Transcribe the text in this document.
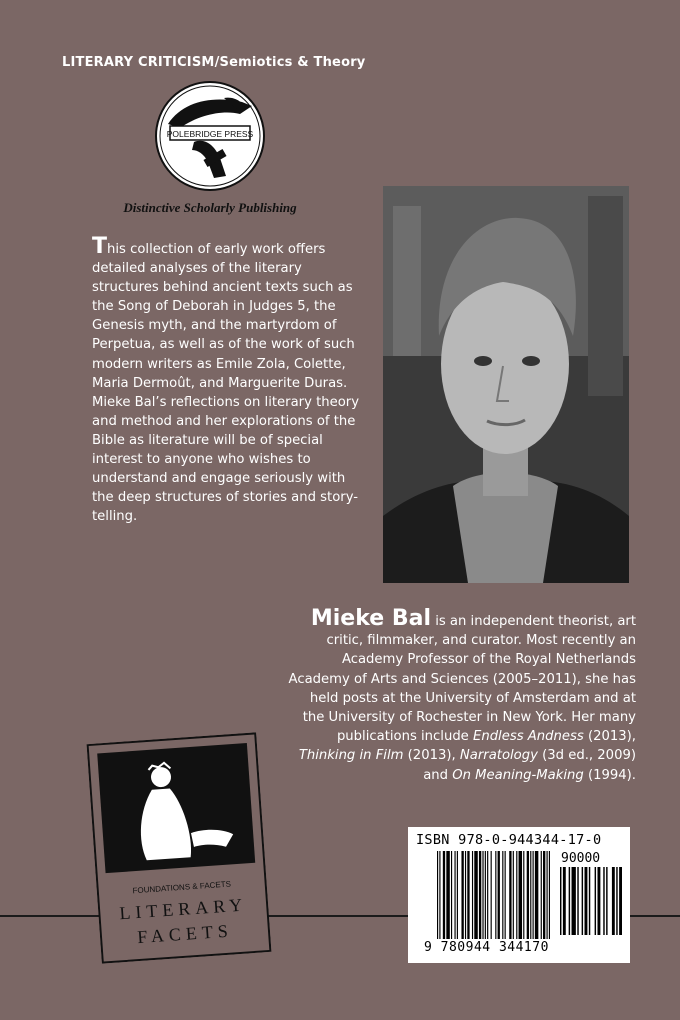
LITERARY CRITICISM/Semiotics & Theory
POLEBRIDGE PRESS
Distinctive Scholarly Publishing
This collection of early work offers detailed analyses of the literary structures behind ancient texts such as the Song of Deborah in Judges 5, the Genesis myth, and the martyrdom of Perpetua, as well as of the work of such modern writers as Emile Zola, Colette, Maria Dermoût, and Marguerite Duras. Mieke Bal’s reflections on literary theory and method and her explorations of the Bible as literature will be of special interest to anyone who wishes to understand and engage seriously with the deep structures of stories and story-telling.
Mieke Bal is an independent theorist, art critic, filmmaker, and curator. Most recently an Academy Professor of the Royal Netherlands Academy of Arts and Sciences (2005–2011), she has held posts at the University of Amsterdam and at the University of Rochester in New York. Her many publications include Endless Andness (2013), Thinking in Film (2013), Narratology (3d ed., 2009) and On Meaning-Making (1994).
FOUNDATIONS & FACETS
LITERARY
FACETS
ISBN 978-0-944344-17-0
90000
9 780944 344170
